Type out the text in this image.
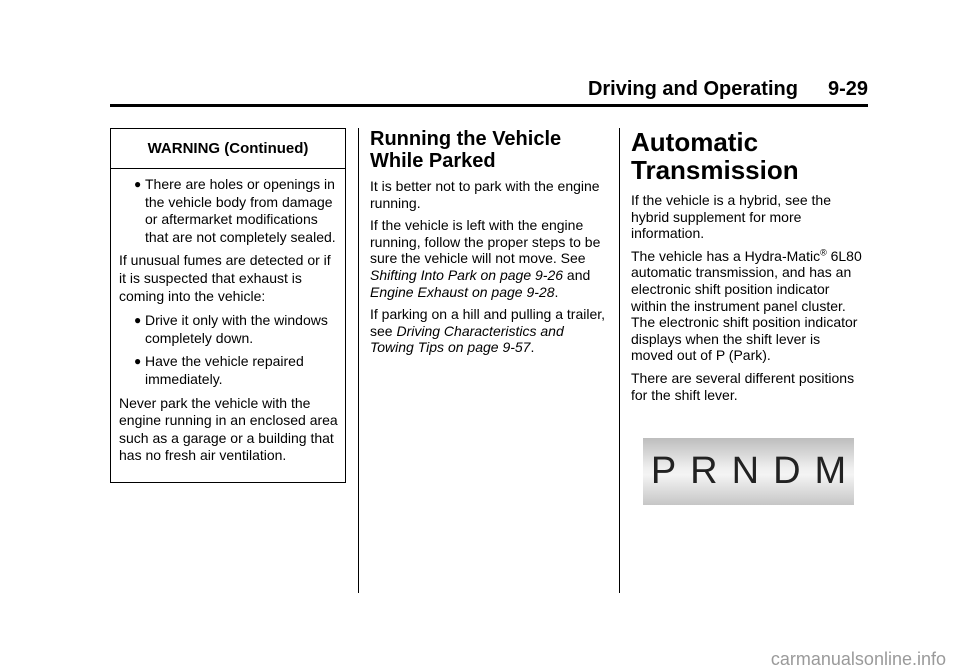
Driving and Operating 9-29
WARNING (Continued)
● There are holes or openings in the vehicle body from damage or aftermarket modifications that are not completely sealed.

If unusual fumes are detected or if it is suspected that exhaust is coming into the vehicle:

● Drive it only with the windows completely down.
● Have the vehicle repaired immediately.

Never park the vehicle with the engine running in an enclosed area such as a garage or a building that has no fresh air ventilation.

Running the Vehicle
While Parked

It is better not to park with the engine running.

If the vehicle is left with the engine running, follow the proper steps to be sure the vehicle will not move. See Shifting Into Park on page 9-26 and Engine Exhaust on page 9-28.

If parking on a hill and pulling a trailer, see Driving Characteristics and Towing Tips on page 9-57.

Automatic
Transmission

If the vehicle is a hybrid, see the hybrid supplement for more information.

The vehicle has a Hydra-Matic® 6L80 automatic transmission, and has an electronic shift position indicator within the instrument panel cluster. The electronic shift position indicator displays when the shift lever is moved out of P (Park).

There are several different positions for the shift lever.

P R N D M
carmanualsonline.info
